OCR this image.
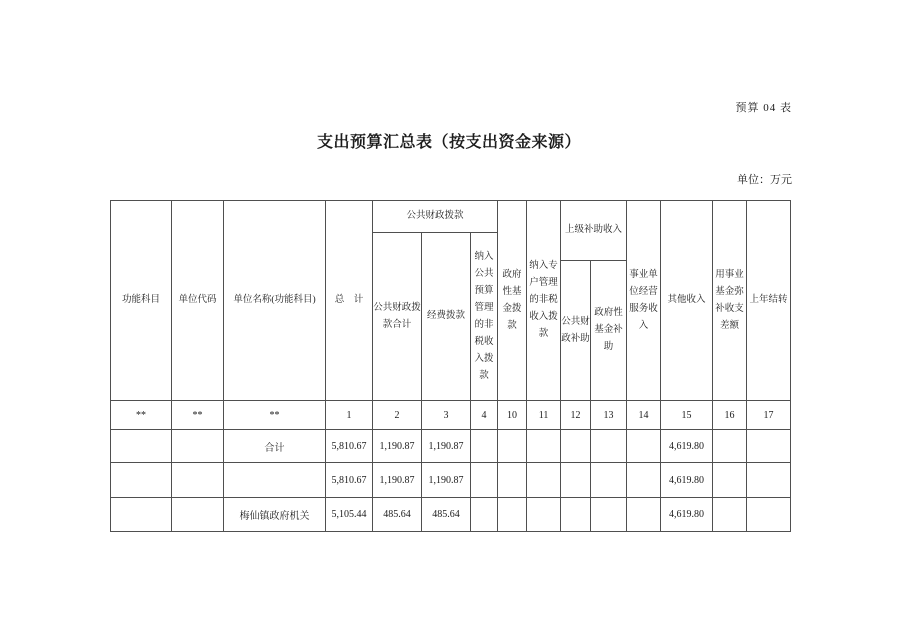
预算 04 表
支出预算汇总表（按支出资金来源）
单位：万元
功能科目	单位代码	单位名称(功能科目)	总　计	公共财政拨款			政府性基金拨款	纳入专户管理的非税收入拨款	上级补助收入		事业单位经营服务收入	其他收入	用事业基金弥补收支差额	上年结转
				公共财政拨款合计	经费拨款	纳入公共预算管理的非税收入拨款								
									公共财政补助	政府性基金补助				
**	**	**	1	2	3	4	10	11	12	13	14	15	16	17
		合计	5,810.67	1,190.87	1,190.87							4,619.80		
			5,810.67	1,190.87	1,190.87							4,619.80		
		梅仙镇政府机关	5,105.44	485.64	485.64							4,619.80		
